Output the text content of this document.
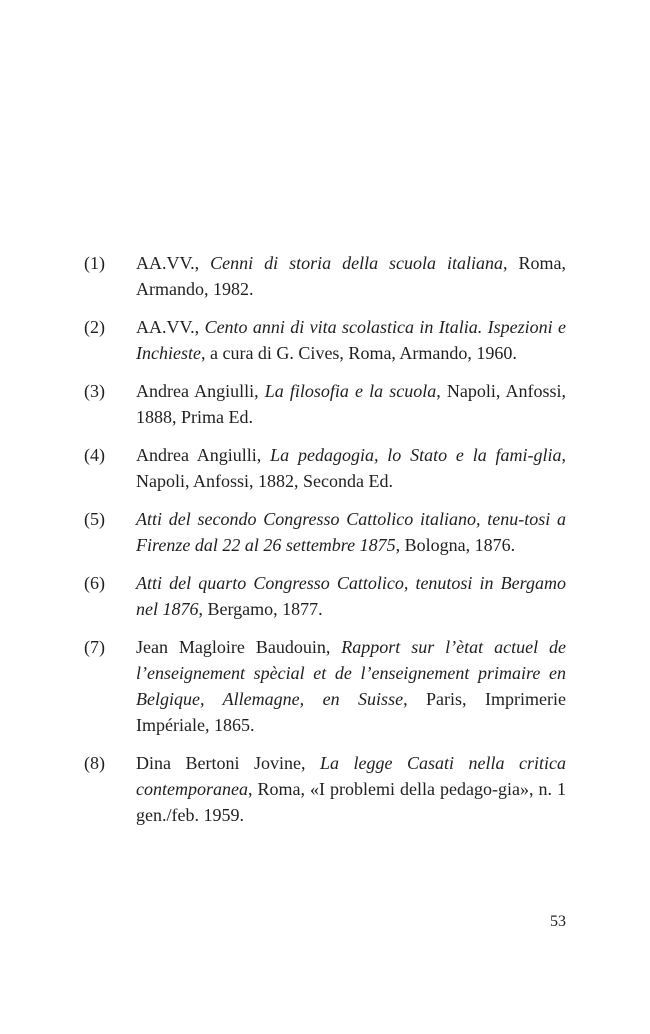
(1)	AA.VV., Cenni di storia della scuola italiana, Roma, Armando, 1982.
(2)	AA.VV., Cento anni di vita scolastica in Italia. Ispezioni e Inchieste, a cura di G. Cives, Roma, Armando, 1960.
(3)	Andrea Angiulli, La filosofia e la scuola, Napoli, Anfossi, 1888, Prima Ed.
(4)	Andrea Angiulli, La pedagogia, lo Stato e la fami-glia, Napoli, Anfossi, 1882, Seconda Ed.
(5)	Atti del secondo Congresso Cattolico italiano, tenu-tosi a Firenze dal 22 al 26 settembre 1875, Bologna, 1876.
(6)	Atti del quarto Congresso Cattolico, tenutosi in Bergamo nel 1876, Bergamo, 1877.
(7)	Jean Magloire Baudouin, Rapport sur l’ètat actuel de l’enseignement spècial et de l’enseignement primaire en Belgique, Allemagne, en Suisse, Paris, Imprimerie Impériale, 1865.
(8)	Dina Bertoni Jovine, La legge Casati nella critica contemporanea, Roma, «I problemi della pedago-gia», n. 1 gen./feb. 1959.
53
